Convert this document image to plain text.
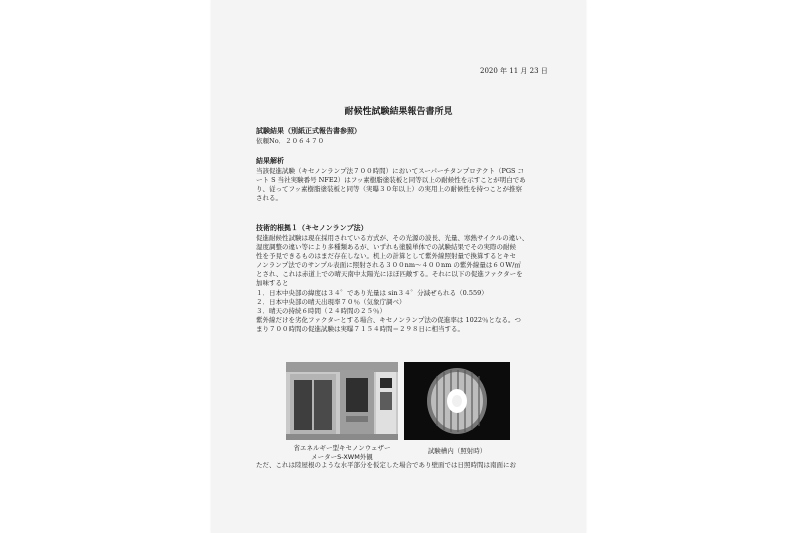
2020 年 11 月 23 日
耐候性試験結果報告書所見
試験結果（別紙正式報告書参照）
依頼No．２０６４７０
結果解析
当該促進試験（キセノンランプ法７００時間）においてスーパーチタンプロテクト（PGS コ
ート S 当社実験番号 NFE2）はフッ素樹脂塗装板と同等以上の耐候性を示すことが明白であ
り、従ってフッ素樹脂塗装板と同等（実曝３０年以上）の実用上の耐候性を持つことが推察
される。
技術的根拠１（キセノンランプ法）
促進耐候性試験は現在採用されている方式が、その光源の波長、光量、寒熱サイクルの違い、
湿度調整の違い等により多種類あるが、いずれも塗膜単体での試験結果でその実際の耐候
性を予見できるものはまだ存在しない。机上の計算として紫外線照射量で換算するとキセ
ノンランプ法でのサンプル表面に照射される３００nm～４００nm の紫外線量は６０W/㎡
とされ、これは赤道上での晴天南中太陽光にほぼ匹敵する。それに以下の促進ファクターを
加味すると
１．日本中央部の緯度は３４゜であり光量は sin３４゜分減ぜられる（0.559）
２．日本中央部の晴天出現率７０％（気象庁調べ）
３．晴天の持続６時間（２４時間の２５％）
紫外線だけを劣化ファクターとする場合、キセノンランプ法の促進率は 1022％となる。つ
まり７００時間の促進試験は実曝７１５４時間＝２９８日に相当する。
省エネルギー型キセノンウェザー
メーターS-XWM外観
試験槽内（照射時）
ただ、これは陸屋根のような水平部分を仮定した場合であり壁面では日照時間は南面にお
